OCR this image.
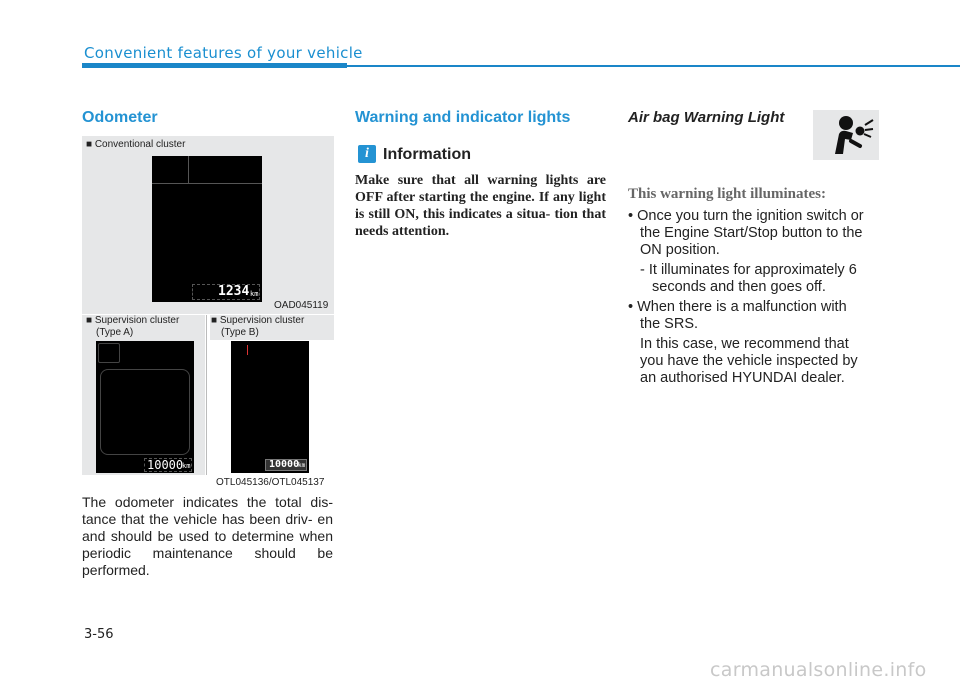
Convenient features of your vehicle
Odometer
■ Conventional cluster
1234 km
OAD045119
■ Supervision cluster
(Type A)
■ Supervision cluster
(Type B)
10000
km	10000
km
OTL045136/OTL045137
The odometer indicates the total dis- tance that the vehicle has been driv- en and should be used to determine when periodic maintenance should be performed.
Warning and indicator lights
i Information
Make sure that all warning lights are OFF after starting the engine. If any light is still ON, this indicates a situa- tion that needs attention.
Air bag Warning Light
This warning light illuminates:
• Once you turn the ignition switch or
the Engine Start/Stop button to the
ON position.
- It illuminates for approximately 6
seconds and then goes off.
• When there is a malfunction with
the SRS.
In this case, we recommend that
you have the vehicle inspected by
an authorised HYUNDAI dealer.
3-56
carmanualsonline.info
